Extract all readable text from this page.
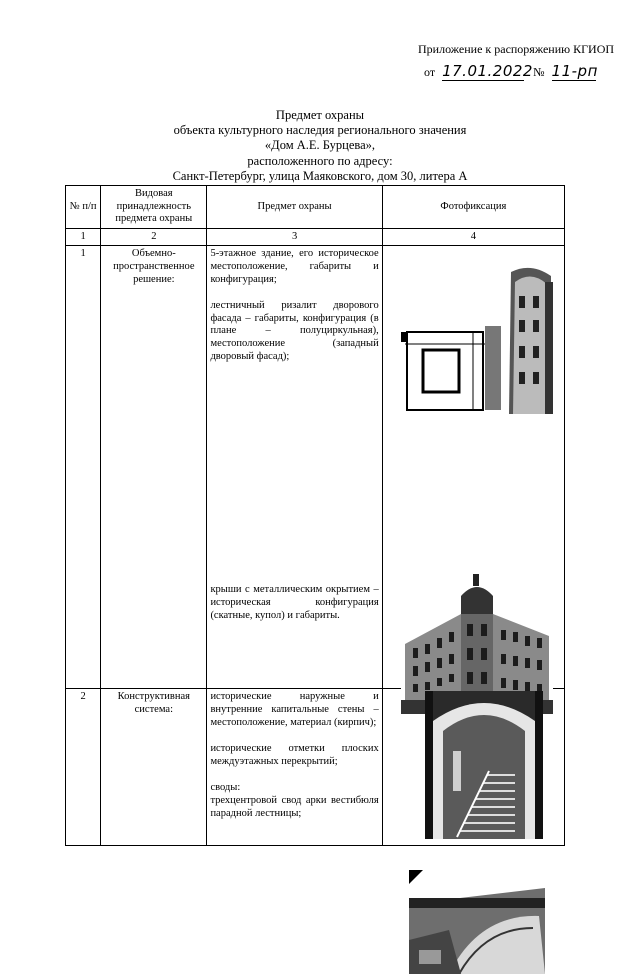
Приложение к распоряжению КГИОП
от 17.01.2022 № 11-рп
Предмет охраны
объекта культурного наследия регионального значения
«Дом А.Е. Бурцева»,
расположенного по адресу:
Санкт-Петербург, улица Маяковского, дом 30, литера А
№ п/п	Видовая принадлежность предмета охраны	Предмет охраны	Фотофиксация
1	2	3	4
1	Объемно-пространственное решение:	5-этажное здание, его историческое местоположение, габариты и конфигурация;

лестничный ризалит дворового фасада – габариты, конфигурация (в плане – полуциркульная), местоположение (западный дворовый фасад);

крыши с металлическим окрытием – историческая конфигурация (скатные, купол) и габариты.

2	Конструктивная система:	исторические наружные и внутренние капитальные стены – местоположение, материал (кирпич);

исторические отметки плоских междуэтажных перекрытий;

своды:

трехцентровой свод арки вестибюля парадной лестницы;
